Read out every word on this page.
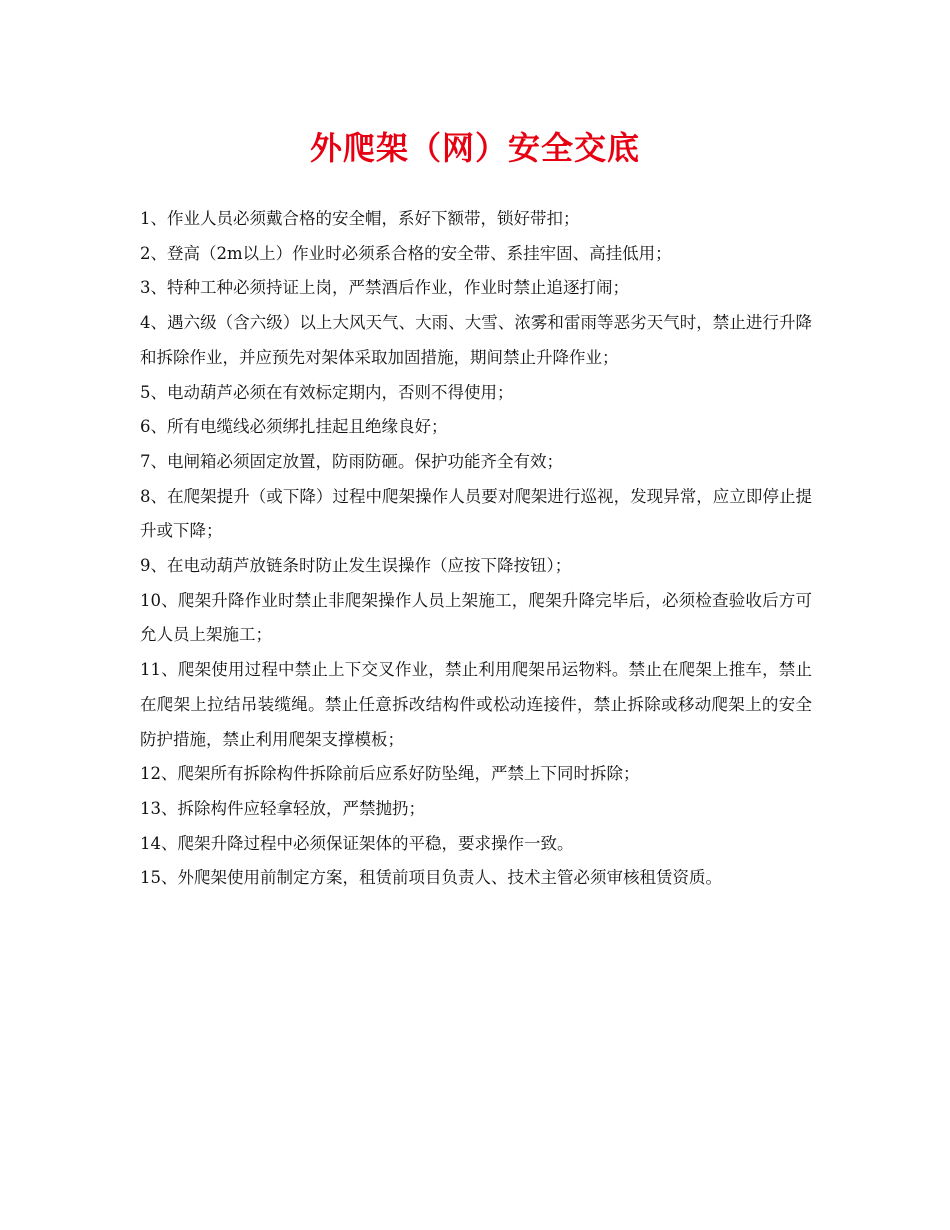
外爬架（网）安全交底
1、作业人员必须戴合格的安全帽，系好下额带，锁好带扣；
2、登高（2m以上）作业时必须系合格的安全带、系挂牢固、高挂低用；
3、特种工种必须持证上岗，严禁酒后作业，作业时禁止追逐打闹；
4、遇六级（含六级）以上大风天气、大雨、大雪、浓雾和雷雨等恶劣天气时，禁止进行升降和拆除作业，并应预先对架体采取加固措施，期间禁止升降作业；
5、电动葫芦必须在有效标定期内，否则不得使用；
6、所有电缆线必须绑扎挂起且绝缘良好；
7、电闸箱必须固定放置，防雨防砸。保护功能齐全有效；
8、在爬架提升（或下降）过程中爬架操作人员要对爬架进行巡视，发现异常，应立即停止提升或下降；
9、在电动葫芦放链条时防止发生误操作（应按下降按钮）；
10、爬架升降作业时禁止非爬架操作人员上架施工，爬架升降完毕后，必须检查验收后方可允人员上架施工；
11、爬架使用过程中禁止上下交叉作业，禁止利用爬架吊运物料。禁止在爬架上推车，禁止在爬架上拉结吊装缆绳。禁止任意拆改结构件或松动连接件，禁止拆除或移动爬架上的安全防护措施，禁止利用爬架支撑模板；
12、爬架所有拆除构件拆除前后应系好防坠绳，严禁上下同时拆除；
13、拆除构件应轻拿轻放，严禁抛扔；
14、爬架升降过程中必须保证架体的平稳，要求操作一致。
15、外爬架使用前制定方案，租赁前项目负责人、技术主管必须审核租赁资质。
